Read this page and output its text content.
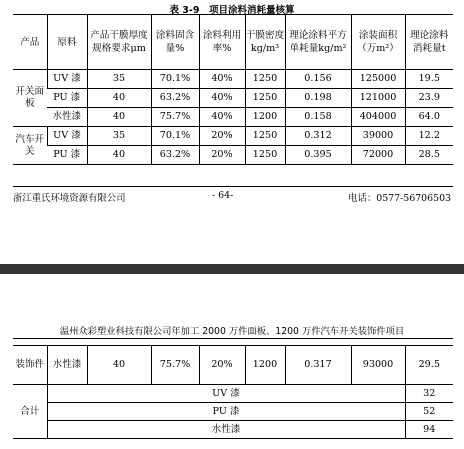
表 3-9　项目涂料消耗量核算
产品	原料	产品干膜厚度规格要求μm	涂料固含量%	涂料利用率%	干膜密度kg/m³	理论涂料平方单耗量kg/m²	涂装面积（万m²）	理论涂料消耗量t
开关面板	UV 漆	35	70.1%	40%	1250	0.156	125000	19.5
	PU 漆	40	63.2%	40%	1250	0.198	121000	23.9
	水性漆	40	75.7%	40%	1200	0.158	404000	64.0
汽车开关	UV 漆	35	70.1%	20%	1250	0.312	39000	12.2
	PU 漆	40	63.2%	20%	1250	0.395	72000	28.5
浙江重氏环境资源有限公司	- 64-	电话：0577-56706503
温州众彩塑业科技有限公司年加工 2000 万件面板、1200 万件汽车开关装饰件项目

装饰件	水性漆	40	75.7%	20%	1200	0.317	93000	29.5
合计	UV 漆							32
	PU 漆							52
	水性漆							94
